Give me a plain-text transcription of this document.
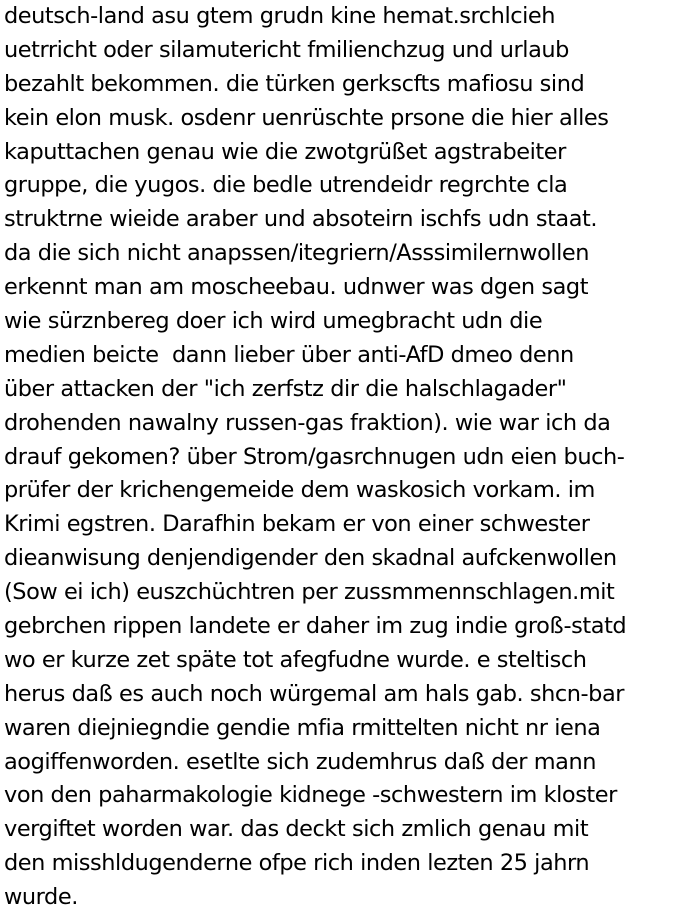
deutsch-land asu gtem grudn kine hemat.srchlcieh
uetrricht oder silamutericht fmilienchzug und urlaub
bezahlt bekommen. die türken gerkscfts mafiosu sind
kein elon musk. osdenr uenrüschte prsone die hier alles
kaputtachen genau wie die zwotgrüßet agstrabeiter
gruppe, die yugos. die bedle utrendeidr regrchte cla
struktrne wieide araber und absoteirn ischfs udn staat.
da die sich nicht anapssen/itegriern/Asssimilernwollen
erkennt man am moscheebau. udnwer was dgen sagt
wie sürznbereg doer ich wird umegbracht udn die
medien beicte  dann lieber über anti-AfD dmeo denn
über attacken der "ich zerfstz dir die halschlagader"
drohenden nawalny russen-gas fraktion). wie war ich da
drauf gekomen? über Strom/gasrchnugen udn eien buch-
prüfer der krichengemeide dem waskosich vorkam. im
Krimi egstren. Darafhin bekam er von einer schwester
dieanwisung denjendigender den skadnal aufckenwollen
(Sow ei ich) euszchüchtren per zussmmennschlagen.mit
gebrchen rippen landete er daher im zug indie groß-statd
wo er kurze zet späte tot afegfudne wurde. e steltisch
herus daß es auch noch würgemal am hals gab. shcn-bar
waren diejniegndie gendie mfia rmittelten nicht nr iena
aogiffenworden. esetlte sich zudemhrus daß der mann
von den paharmakologie kidnege -schwestern im kloster
vergiftet worden war. das deckt sich zmlich genau mit
den misshldugenderne ofpe rich inden lezten 25 jahrn
wurde.
